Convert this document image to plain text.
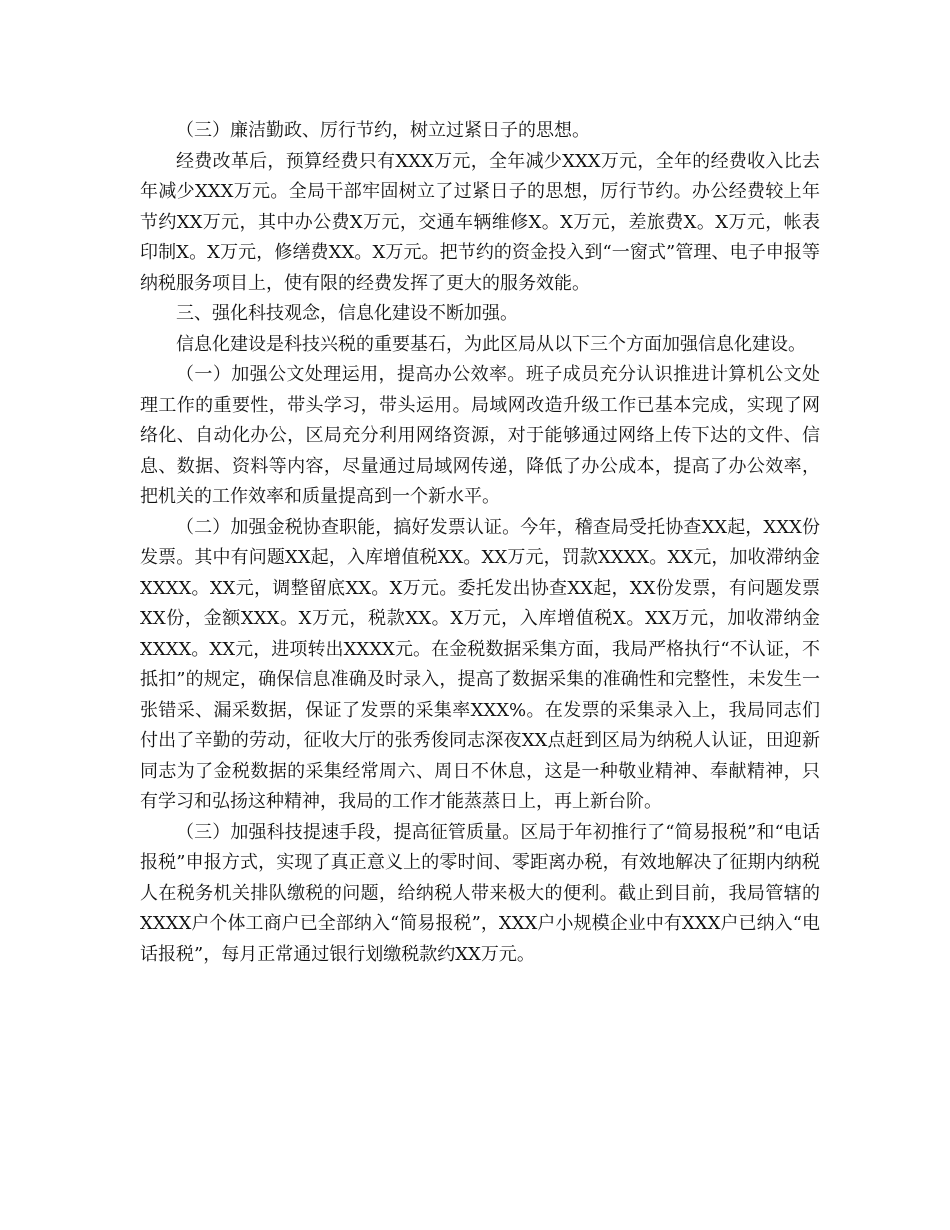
（三）廉洁勤政、厉行节约，树立过紧日子的思想。

经费改革后，预算经费只有XXX万元，全年减少XXX万元，全年的经费收入比去年减少XXX万元。全局干部牢固树立了过紧日子的思想，厉行节约。办公经费较上年节约XX万元，其中办公费X万元，交通车辆维修X。X万元，差旅费X。X万元，帐表印制X。X万元，修缮费XX。X万元。把节约的资金投入到“一窗式”管理、电子申报等纳税服务项目上，使有限的经费发挥了更大的服务效能。

三、强化科技观念，信息化建设不断加强。

信息化建设是科技兴税的重要基石，为此区局从以下三个方面加强信息化建设。

（一）加强公文处理运用，提高办公效率。班子成员充分认识推进计算机公文处理工作的重要性，带头学习，带头运用。局域网改造升级工作已基本完成，实现了网络化、自动化办公，区局充分利用网络资源，对于能够通过网络上传下达的文件、信息、数据、资料等内容，尽量通过局域网传递，降低了办公成本，提高了办公效率，把机关的工作效率和质量提高到一个新水平。

（二）加强金税协查职能，搞好发票认证。今年，稽查局受托协查XX起，XXX份发票。其中有问题XX起，入库增值税XX。XX万元，罚款XXXX。XX元，加收滞纳金XXXX。XX元，调整留底XX。X万元。委托发出协查XX起，XX份发票，有问题发票XX份，金额XXX。X万元，税款XX。X万元，入库增值税X。XX万元，加收滞纳金XXXX。XX元，进项转出XXXX元。在金税数据采集方面，我局严格执行“不认证，不抵扣”的规定，确保信息准确及时录入，提高了数据采集的准确性和完整性，未发生一张错采、漏采数据，保证了发票的采集率XXX%。在发票的采集录入上，我局同志们付出了辛勤的劳动，征收大厅的张秀俊同志深夜XX点赶到区局为纳税人认证，田迎新同志为了金税数据的采集经常周六、周日不休息，这是一种敬业精神、奉献精神，只有学习和弘扬这种精神，我局的工作才能蒸蒸日上，再上新台阶。

（三）加强科技提速手段，提高征管质量。区局于年初推行了“简易报税”和“电话报税”申报方式，实现了真正意义上的零时间、零距离办税，有效地解决了征期内纳税人在税务机关排队缴税的问题，给纳税人带来极大的便利。截止到目前，我局管辖的XXXX户个体工商户已全部纳入“简易报税”，XXX户小规模企业中有XXX户已纳入“电话报税”，每月正常通过银行划缴税款约XX万元。
